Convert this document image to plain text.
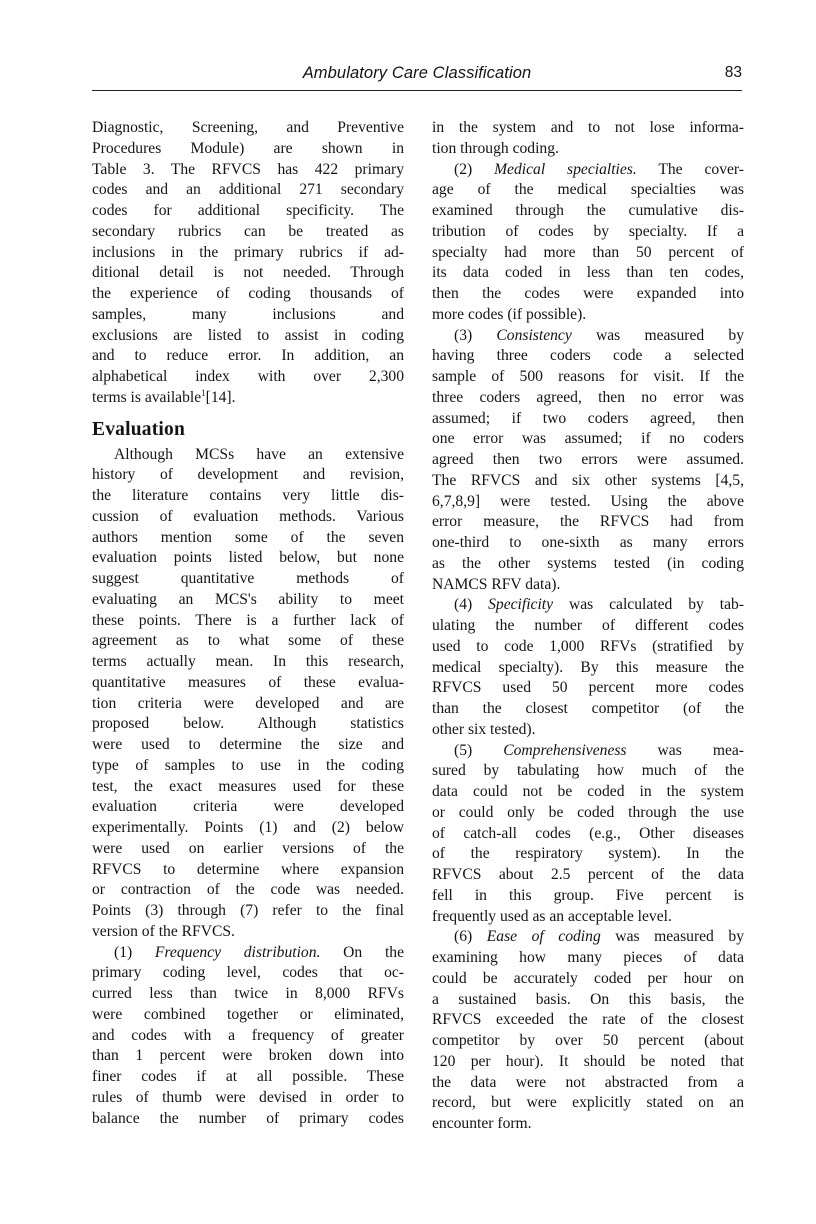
Ambulatory Care Classification	83
Diagnostic, Screening, and Preventive
Procedures Module) are shown in
Table 3. The RFVCS has 422 primary
codes and an additional 271 secondary
codes for additional specificity. The
secondary rubrics can be treated as
inclusions in the primary rubrics if ad-
ditional detail is not needed. Through
the experience of coding thousands of
samples, many inclusions and
exclusions are listed to assist in coding
and to reduce error. In addition, an
alphabetical index with over 2,300
terms is available$^1$[14].
Evaluation
Although MCSs have an extensive
history of development and revision,
the literature contains very little dis-
cussion of evaluation methods. Various
authors mention some of the seven
evaluation points listed below, but none
suggest quantitative methods of
evaluating an MCS's ability to meet
these points. There is a further lack of
agreement as to what some of these
terms actually mean. In this research,
quantitative measures of these evalua-
tion criteria were developed and are
proposed below. Although statistics
were used to determine the size and
type of samples to use in the coding
test, the exact measures used for these
evaluation criteria were developed
experimentally. Points (1) and (2) below
were used on earlier versions of the
RFVCS to determine where expansion
or contraction of the code was needed.
Points (3) through (7) refer to the final
version of the RFVCS.
(1) Frequency distribution. On the
primary coding level, codes that oc-
curred less than twice in 8,000 RFVs
were combined together or eliminated,
and codes with a frequency of greater
than 1 percent were broken down into
finer codes if at all possible. These
rules of thumb were devised in order to
balance the number of primary codes
in the system and to not lose informa-
tion through coding.
(2) Medical specialties. The cover-
age of the medical specialties was
examined through the cumulative dis-
tribution of codes by specialty. If a
specialty had more than 50 percent of
its data coded in less than ten codes,
then the codes were expanded into
more codes (if possible).
(3) Consistency was measured by
having three coders code a selected
sample of 500 reasons for visit. If the
three coders agreed, then no error was
assumed; if two coders agreed, then
one error was assumed; if no coders
agreed then two errors were assumed.
The RFVCS and six other systems [4,5,
6,7,8,9] were tested. Using the above
error measure, the RFVCS had from
one-third to one-sixth as many errors
as the other systems tested (in coding
NAMCS RFV data).
(4) Specificity was calculated by tab-
ulating the number of different codes
used to code 1,000 RFVs (stratified by
medical specialty). By this measure the
RFVCS used 50 percent more codes
than the closest competitor (of the
other six tested).
(5) Comprehensiveness was mea-
sured by tabulating how much of the
data could not be coded in the system
or could only be coded through the use
of catch-all codes (e.g., Other diseases
of the respiratory system). In the
RFVCS about 2.5 percent of the data
fell in this group. Five percent is
frequently used as an acceptable level.
(6) Ease of coding was measured by
examining how many pieces of data
could be accurately coded per hour on
a sustained basis. On this basis, the
RFVCS exceeded the rate of the closest
competitor by over 50 percent (about
120 per hour). It should be noted that
the data were not abstracted from a
record, but were explicitly stated on an
encounter form.
